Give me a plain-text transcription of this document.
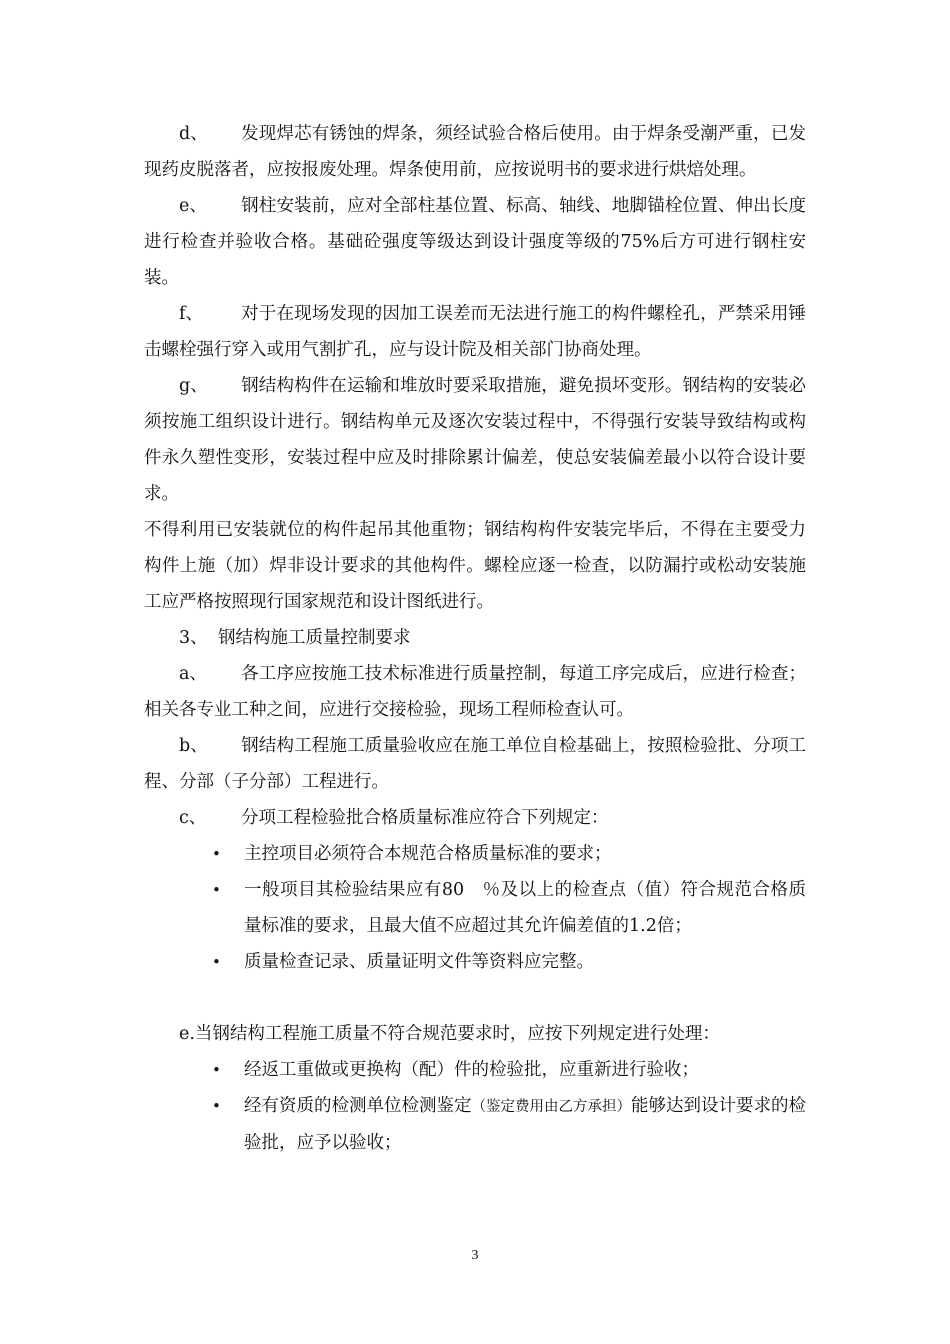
d、 发现焊芯有锈蚀的焊条，须经试验合格后使用。由于焊条受潮严重，已发现药皮脱落者，应按报废处理。焊条使用前，应按说明书的要求进行烘焙处理。

e、 钢柱安装前，应对全部柱基位置、标高、轴线、地脚锚栓位置、伸出长度进行检查并验收合格。基础砼强度等级达到设计强度等级的75%后方可进行钢柱安装。

f、 对于在现场发现的因加工误差而无法进行施工的构件螺栓孔，严禁采用锤击螺栓强行穿入或用气割扩孔，应与设计院及相关部门协商处理。

g、 钢结构构件在运输和堆放时要采取措施，避免损坏变形。钢结构的安装必须按施工组织设计进行。钢结构单元及逐次安装过程中，不得强行安装导致结构或构件永久塑性变形，安装过程中应及时排除累计偏差，使总安装偏差最小以符合设计要求。

不得利用已安装就位的构件起吊其他重物；钢结构构件安装完毕后，不得在主要受力构件上施（加）焊非设计要求的其他构件。螺栓应逐一检查，以防漏拧或松动安装施工应严格按照现行国家规范和设计图纸进行。

3、 钢结构施工质量控制要求

a、 各工序应按施工技术标准进行质量控制，每道工序完成后，应进行检查； 相关各专业工种之间，应进行交接检验，现场工程师检查认可。

b、 钢结构工程施工质量验收应在施工单位自检基础上，按照检验批、分项工程、分部（子分部）工程进行。

c、 分项工程检验批合格质量标准应符合下列规定：

• 主控项目必须符合本规范合格质量标准的要求；
• 一般项目其检验结果应有80　％及以上的检查点（值）符合规范合格质量标准的要求，且最大值不应超过其允许偏差值的1.2倍；
• 质量检查记录、质量证明文件等资料应完整。

e.当钢结构工程施工质量不符合规范要求时，应按下列规定进行处理：

• 经返工重做或更换构（配）件的检验批，应重新进行验收；
• 经有资质的检测单位检测鉴定（鉴定费用由乙方承担）能够达到设计要求的检验批，应予以验收；
3
